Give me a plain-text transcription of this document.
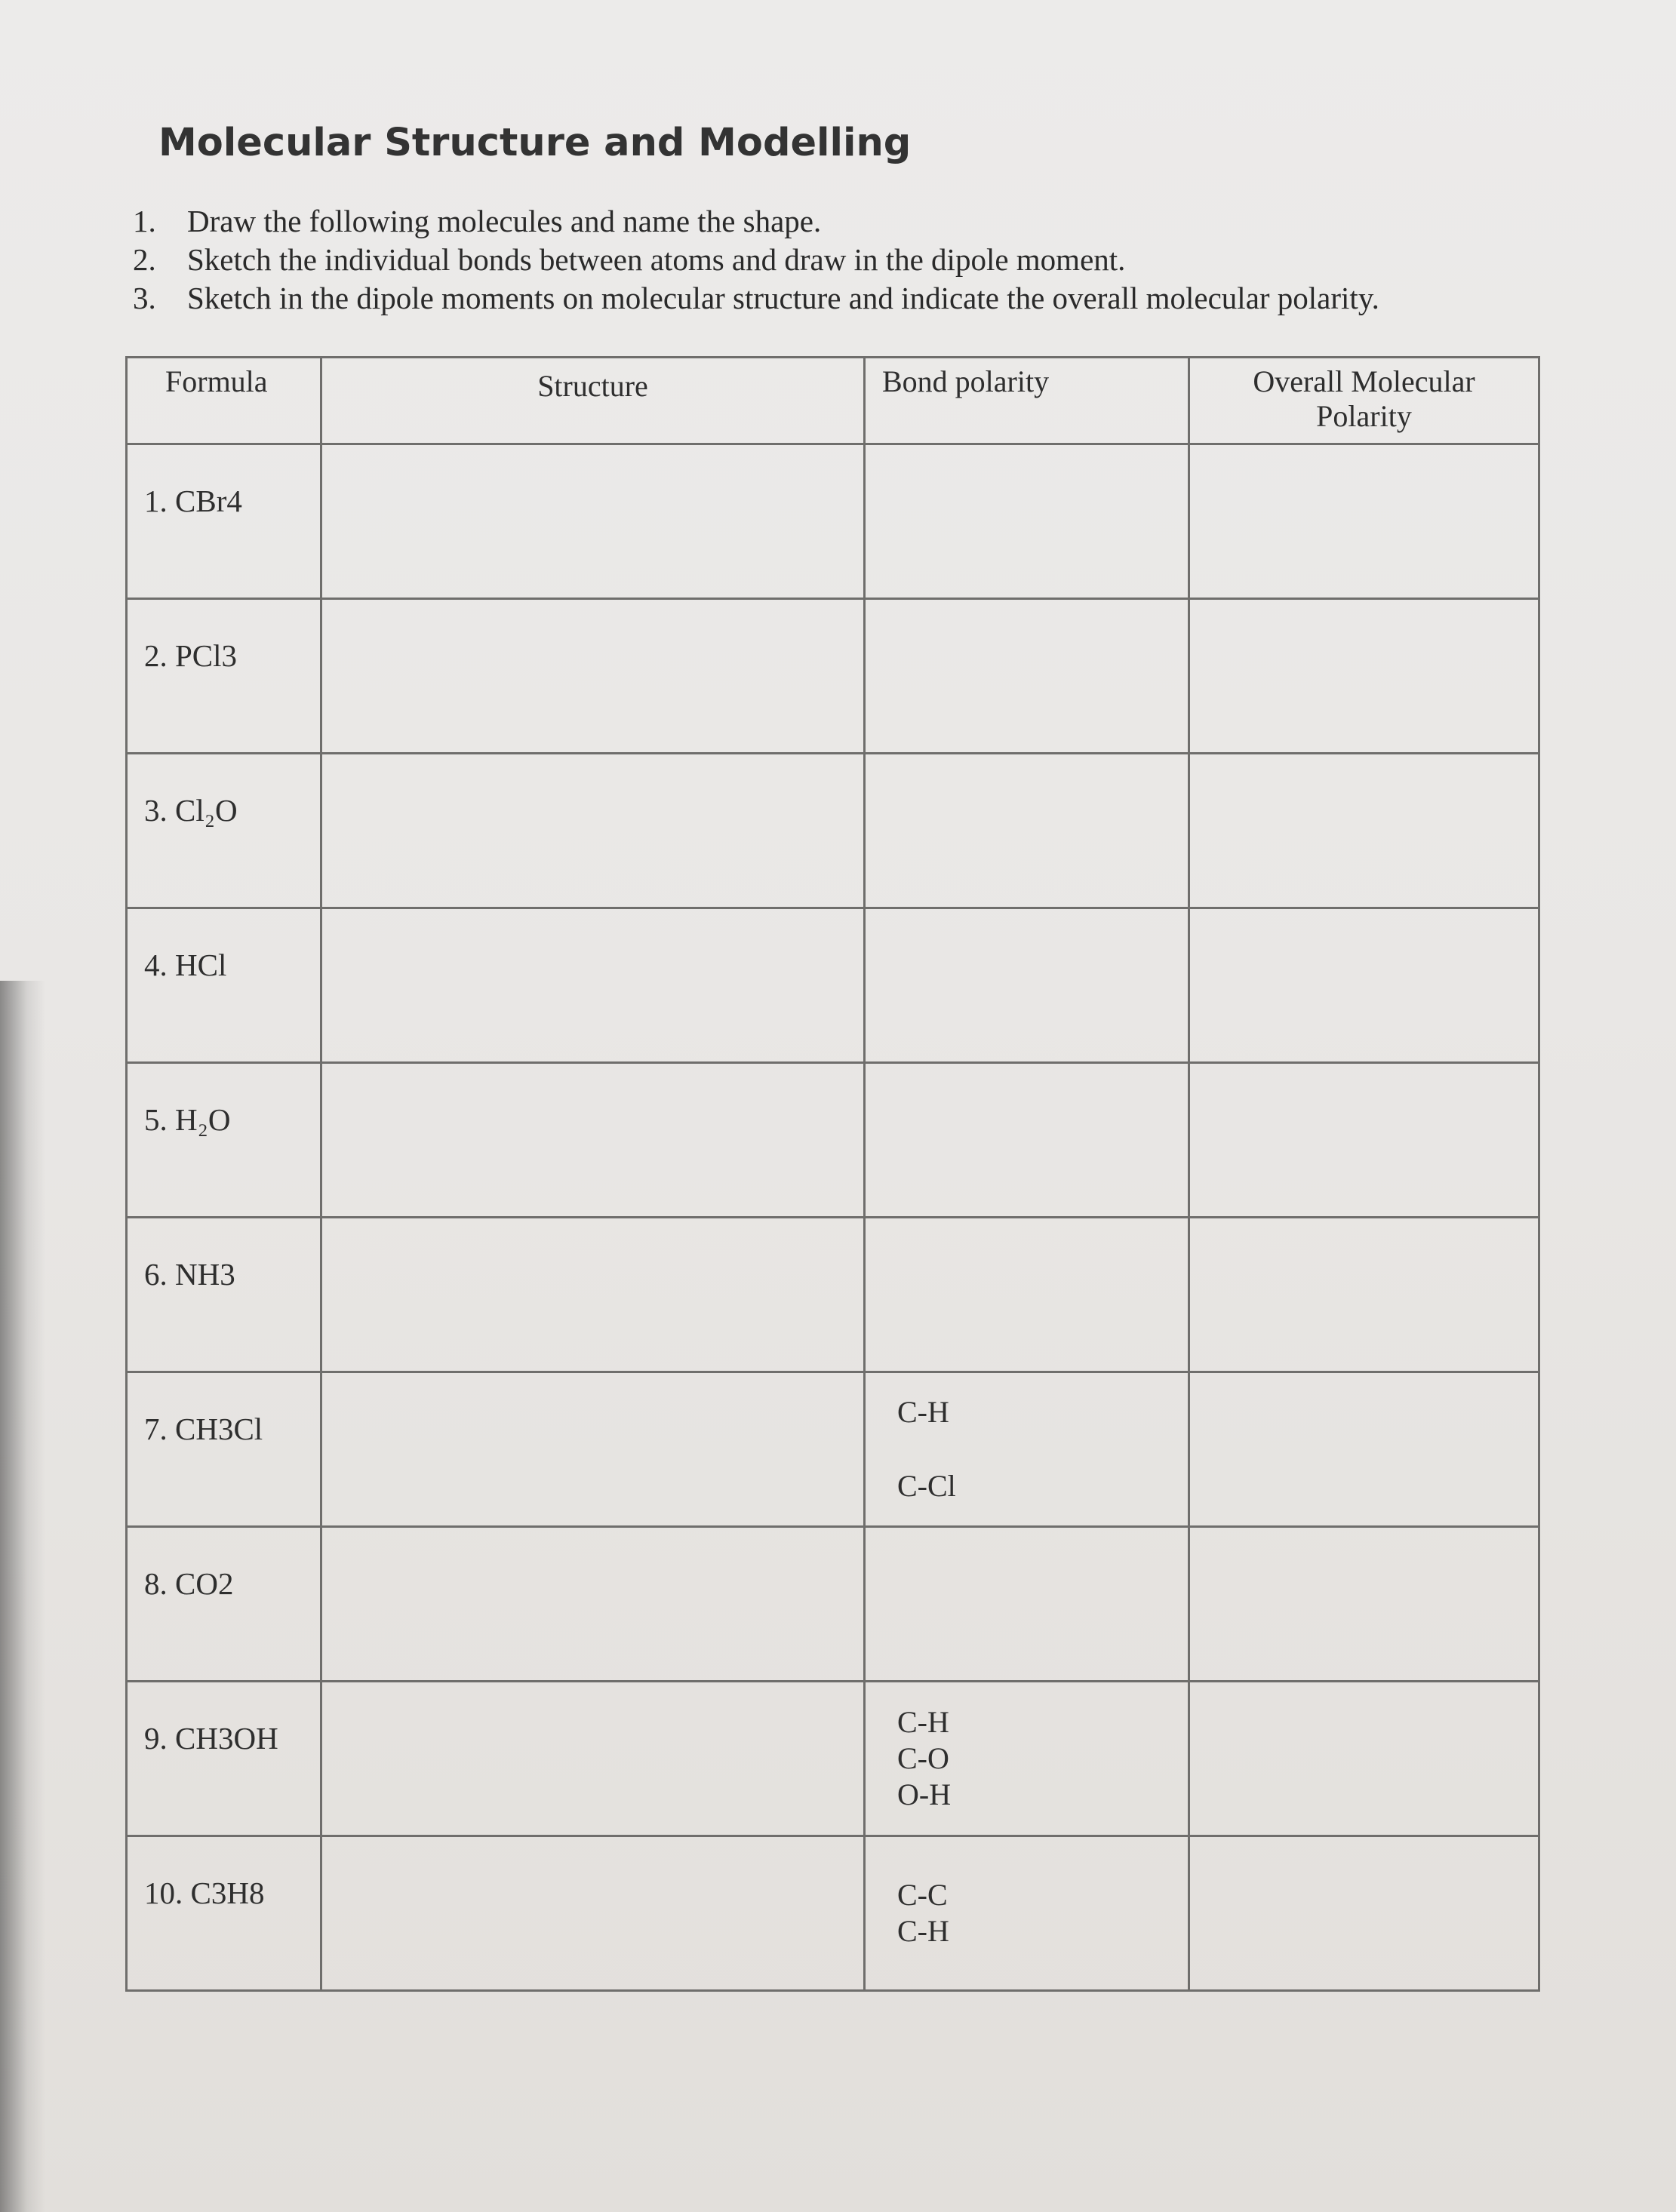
Molecular Structure and Modelling
1.	Draw the following molecules and name the shape.
2.	Sketch the individual bonds between atoms and draw in the dipole moment.
3.	Sketch in the dipole moments on molecular structure and indicate the overall molecular polarity.
Formula	Structure	Bond polarity	Overall Molecular
Polarity

1. CBr4			

2. PCl3			

3. Cl₂O			

4. HCl			

5. H₂O			

6. NH3			

7. CH3Cl		C-H
C-Cl	

8. CO2			

9. CH3OH		C-H
C-O
O-H	

10. C3H8		C-C
C-H	
